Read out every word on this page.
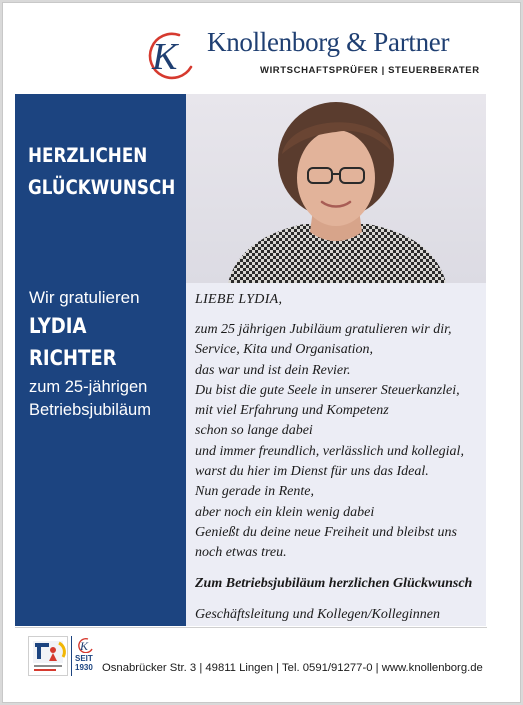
K Knollenborg & Partner
WIRTSCHAFTSPRÜFER | STEUERBERATER
HERZLICHEN
GLÜCKWUNSCH
Wir gratulieren
LYDIA
RICHTER
zum 25-jährigen
Betriebsjubiläum
LIEBE LYDIA,
zum 25 jährigen Jubiläum gratulieren wir dir,
Service, Kita und Organisation,
das war und ist dein Revier.
Du bist die gute Seele in unserer Steuerkanzlei,
mit viel Erfahrung und Kompetenz
schon so lange dabei
und immer freundlich, verlässlich und kollegial,
warst du hier im Dienst für uns das Ideal.
Nun gerade in Rente,
aber noch ein klein wenig dabei
Genießt du deine neue Freiheit und bleibst uns
noch etwas treu.
Zum Betriebsjubiläum herzlichen Glückwunsch
Geschäftsleitung und Kollegen/Kolleginnen
K
SEIT
1930 Osnabrücker Str. 3 | 49811 Lingen | Tel. 0591/91277-0 | www.knollenborg.de
